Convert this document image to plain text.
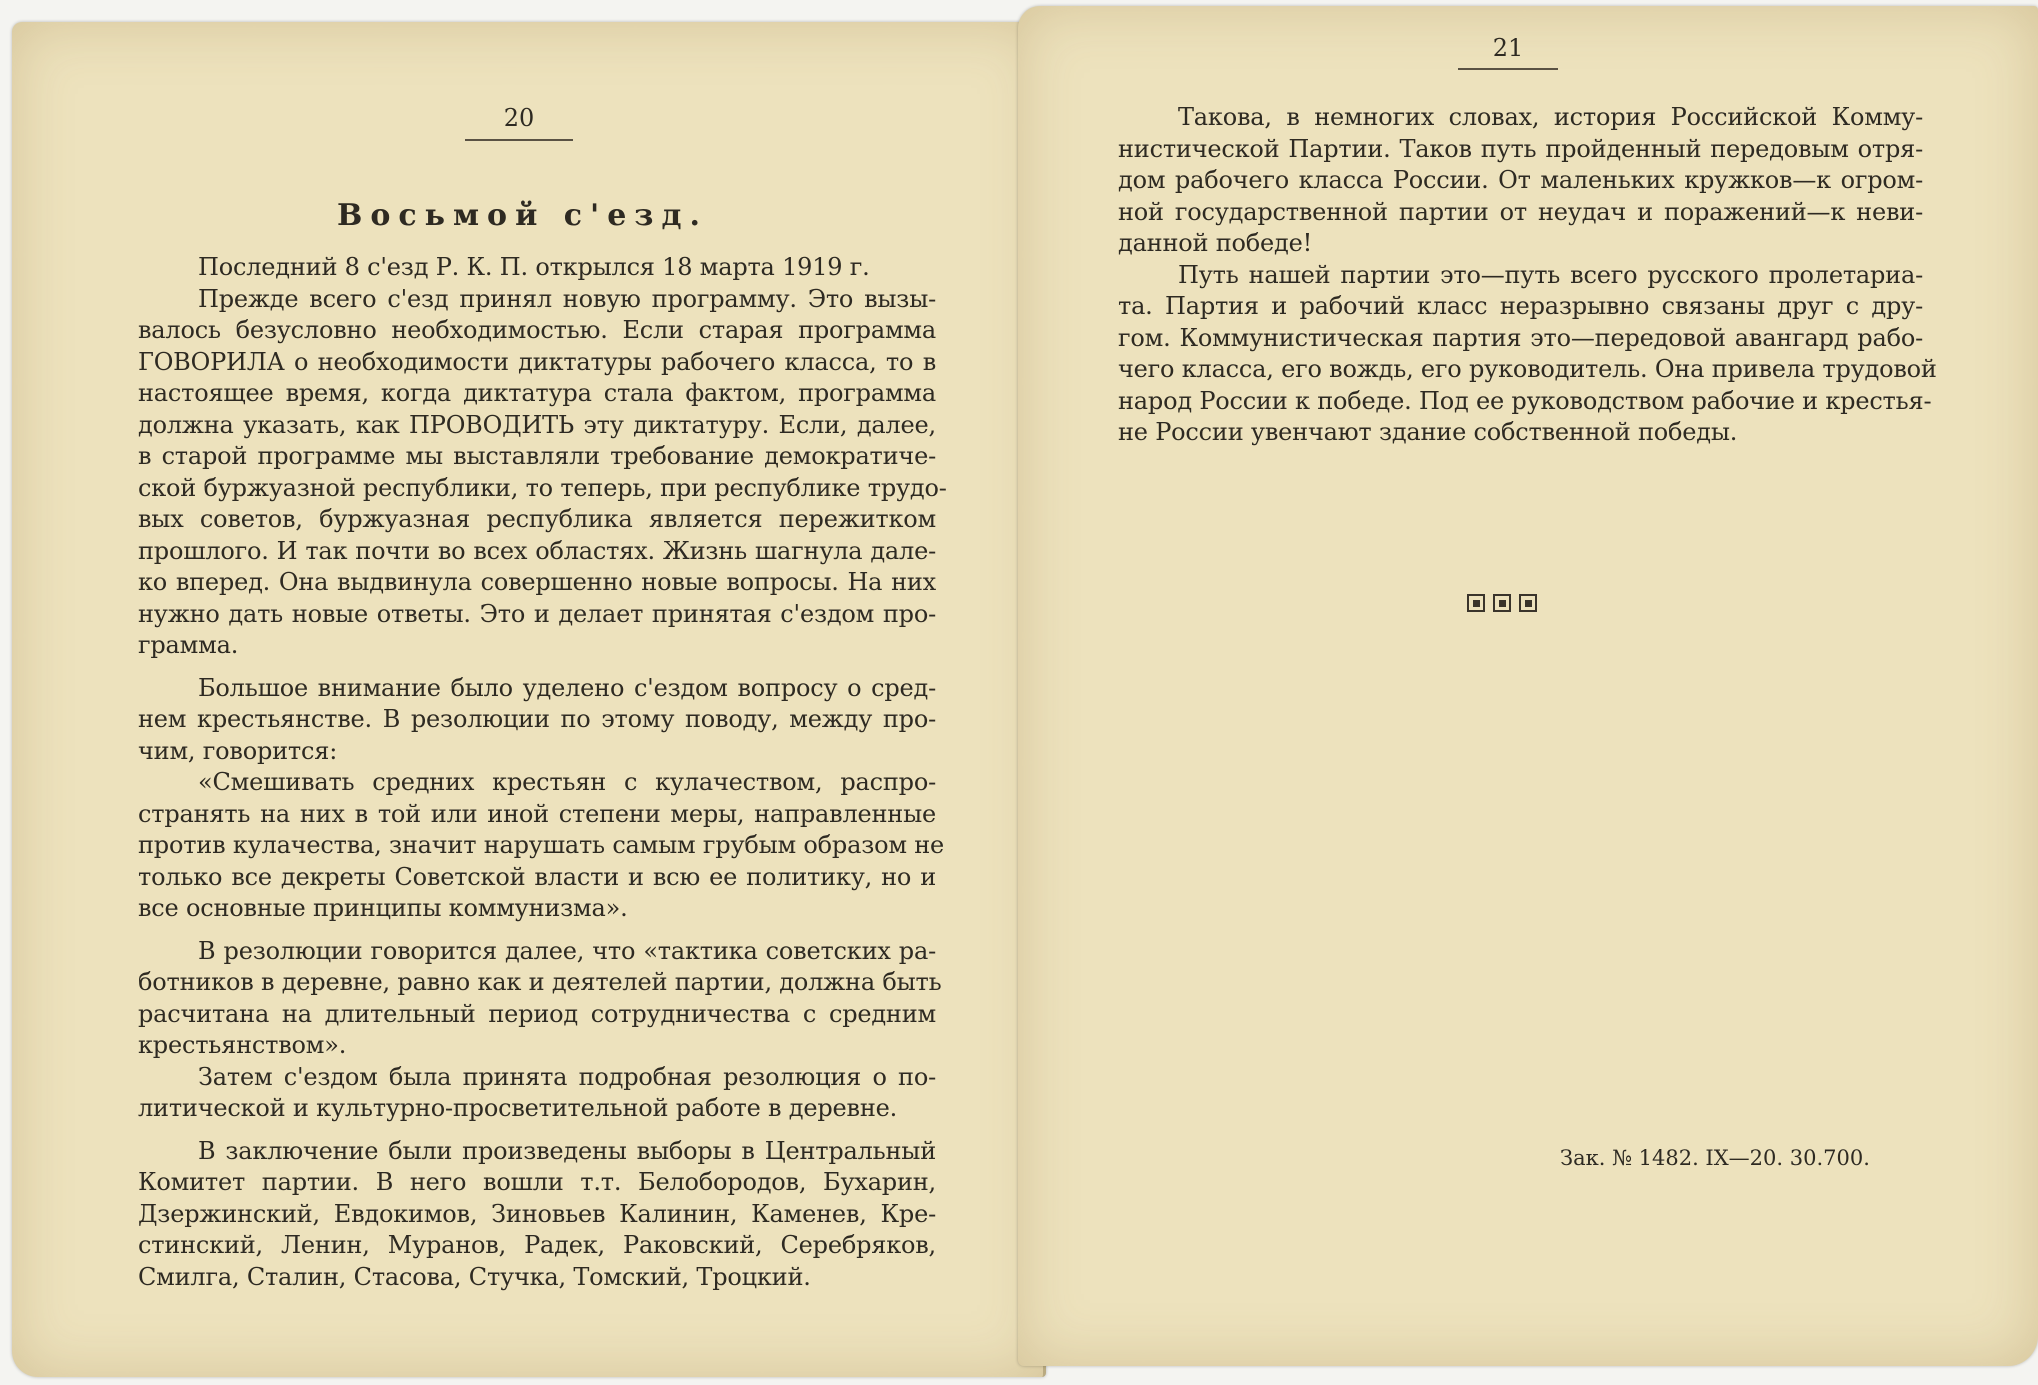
20
Восьмой с'езд.
Последний 8 с'езд Р. К. П. открылся 18 марта 1919 г.
Прежде всего с'езд принял новую программу. Это вызы-
валось безусловно необходимостью. Если старая программа
ГОВОРИЛА о необходимости диктатуры рабочего класса, то в
настоящее время, когда диктатура стала фактом, программа
должна указать, как ПРОВОДИТЬ эту диктатуру. Если, далее,
в старой программе мы выставляли требование демократиче-
ской буржуазной республики, то теперь, при республике трудо-
вых советов, буржуазная республика является пережитком
прошлого. И так почти во всех областях. Жизнь шагнула дале-
ко вперед. Она выдвинула совершенно новые вопросы. На них
нужно дать новые ответы. Это и делает принятая с'ездом про-
грамма.
Большое внимание было уделено с'ездом вопросу о сред-
нем крестьянстве. В резолюции по этому поводу, между про-
чим, говорится:
«Смешивать средних крестьян с кулачеством, распро-
странять на них в той или иной степени меры, направленные
против кулачества, значит нарушать самым грубым образом не
только все декреты Советской власти и всю ее политику, но и
все основные принципы коммунизма».
В резолюции говорится далее, что «тактика советских ра-
ботников в деревне, равно как и деятелей партии, должна быть
расчитана на длительный период сотрудничества с средним
крестьянством».
Затем с'ездом была принята подробная резолюция о по-
литической и культурно-просветительной работе в деревне.
В заключение были произведены выборы в Центральный
Комитет партии. В него вошли т.т. Белобородов, Бухарин,
Дзержинский, Евдокимов, Зиновьев Калинин, Каменев, Кре-
стинский, Ленин, Муранов, Радек, Раковский, Серебряков,
Смилга, Сталин, Стасова, Стучка, Томский, Троцкий.
21
Такова, в немногих словах, история Российской Комму-
нистической Партии. Таков путь пройденный передовым отря-
дом рабочего класса России. От маленьких кружков—к огром-
ной государственной партии от неудач и поражений—к неви-
данной победе!
Путь нашей партии это—путь всего русского пролетариа-
та. Партия и рабочий класс неразрывно связаны друг с дру-
гом. Коммунистическая партия это—передовой авангард рабо-
чего класса, его вождь, его руководитель. Она привела трудовой
народ России к победе. Под ее руководством рабочие и крестья-
не России увенчают здание собственной победы.
Зак. № 1482. IX—20. 30.700.
